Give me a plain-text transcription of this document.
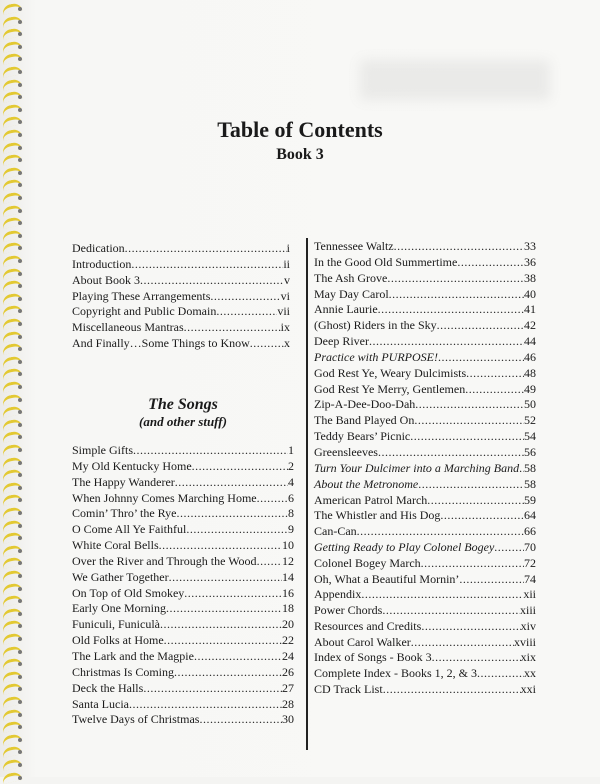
Table of Contents
Book 3
Dedication .....	i
Introduction .....	ii
About Book 3 .....	v
Playing These Arrangements .....	vi
Copyright and Public Domain .....	vii
Miscellaneous Mantras .....	ix
And Finally…Some Things to Know .....	x
The Songs
(and other stuff)
Simple Gifts .....	1
My Old Kentucky Home .....	2
The Happy Wanderer .....	4
When Johnny Comes Marching Home .....	6
Comin’ Thro’ the Rye .....	8
O Come All Ye Faithful .....	9
White Coral Bells .....	10
Over the River and Through the Wood ..... 12
We Gather Together .....	14
On Top of Old Smokey .....	16
Early One Morning .....	18
Funiculi, Funiculà .....	20
Old Folks at Home .....	22
The Lark and the Magpie .....	24
Christmas Is Coming .....	26
Deck the Halls .....	27
Santa Lucia .....	28
Twelve Days of Christmas .....	30
Tennessee Waltz .....	33
In the Good Old Summertime .....	36
The Ash Grove .....	38
May Day Carol .....	40
Annie Laurie .....	41
(Ghost) Riders in the Sky .....	42
Deep River .....	44
Practice with PURPOSE! .....	46
God Rest Ye, Weary Dulcimists .....	48
God Rest Ye Merry, Gentlemen .....	49
Zip-A-Dee-Doo-Dah .....	50
The Band Played On .....	52
Teddy Bears’ Picnic .....	54
Greensleeves .....	56
Turn Your Dulcimer into a Marching Band ..... 58
About the Metronome .....	58
American Patrol March .....	59
The Whistler and His Dog .....	64
Can-Can .....	66
Getting Ready to Play Colonel Bogey ..... 70
Colonel Bogey March .....	72
Oh, What a Beautiful Mornin’ .....	74
Appendix .....	xii
Power Chords .....	xiii
Resources and Credits .....	xiv
About Carol Walker .....	xviii
Index of Songs - Book 3 .....	xix
Complete Index - Books 1, 2, & 3 .....	xx
CD Track List .....	xxi
